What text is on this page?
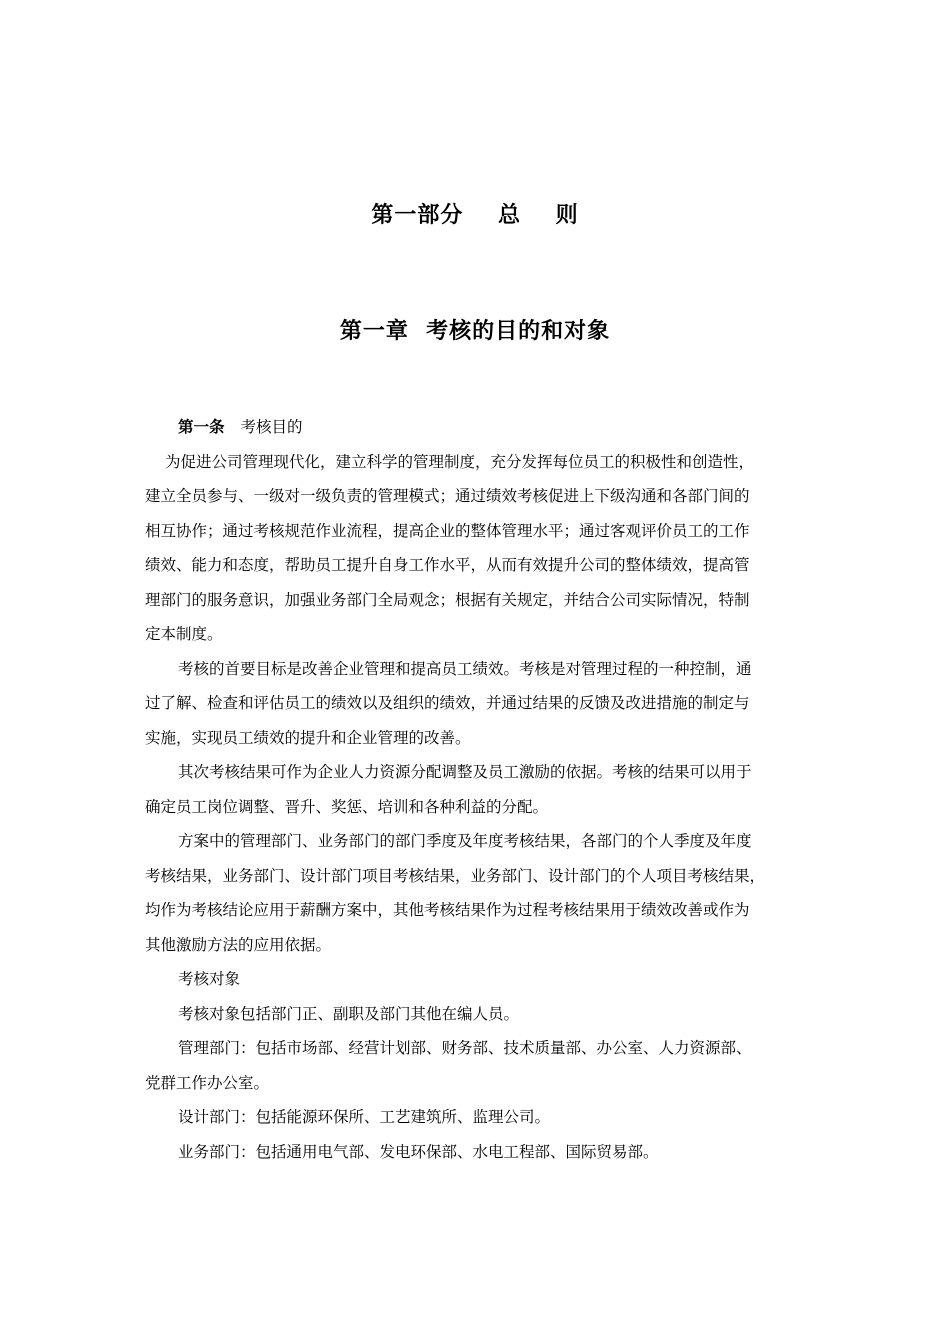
第一部分    总    则
第一章  考核的目的和对象
第一条 考核目的
为促进公司管理现代化，建立科学的管理制度，充分发挥每位员工的积极性和创造性，
建立全员参与、一级对一级负责的管理模式；通过绩效考核促进上下级沟通和各部门间的
相互协作；通过考核规范作业流程，提高企业的整体管理水平；通过客观评价员工的工作
绩效、能力和态度，帮助员工提升自身工作水平，从而有效提升公司的整体绩效，提高管
理部门的服务意识，加强业务部门全局观念；根据有关规定，并结合公司实际情况，特制
定本制度。
考核的首要目标是改善企业管理和提高员工绩效。考核是对管理过程的一种控制，通
过了解、检查和评估员工的绩效以及组织的绩效，并通过结果的反馈及改进措施的制定与
实施，实现员工绩效的提升和企业管理的改善。
其次考核结果可作为企业人力资源分配调整及员工激励的依据。考核的结果可以用于
确定员工岗位调整、晋升、奖惩、培训和各种利益的分配。
方案中的管理部门、业务部门的部门季度及年度考核结果，各部门的个人季度及年度
考核结果，业务部门、设计部门项目考核结果，业务部门、设计部门的个人项目考核结果，
均作为考核结论应用于薪酬方案中，其他考核结果作为过程考核结果用于绩效改善或作为
其他激励方法的应用依据。
考核对象
考核对象包括部门正、副职及部门其他在编人员。
管理部门：包括市场部、经营计划部、财务部、技术质量部、办公室、人力资源部、
党群工作办公室。
设计部门：包括能源环保所、工艺建筑所、监理公司。
业务部门：包括通用电气部、发电环保部、水电工程部、国际贸易部。
